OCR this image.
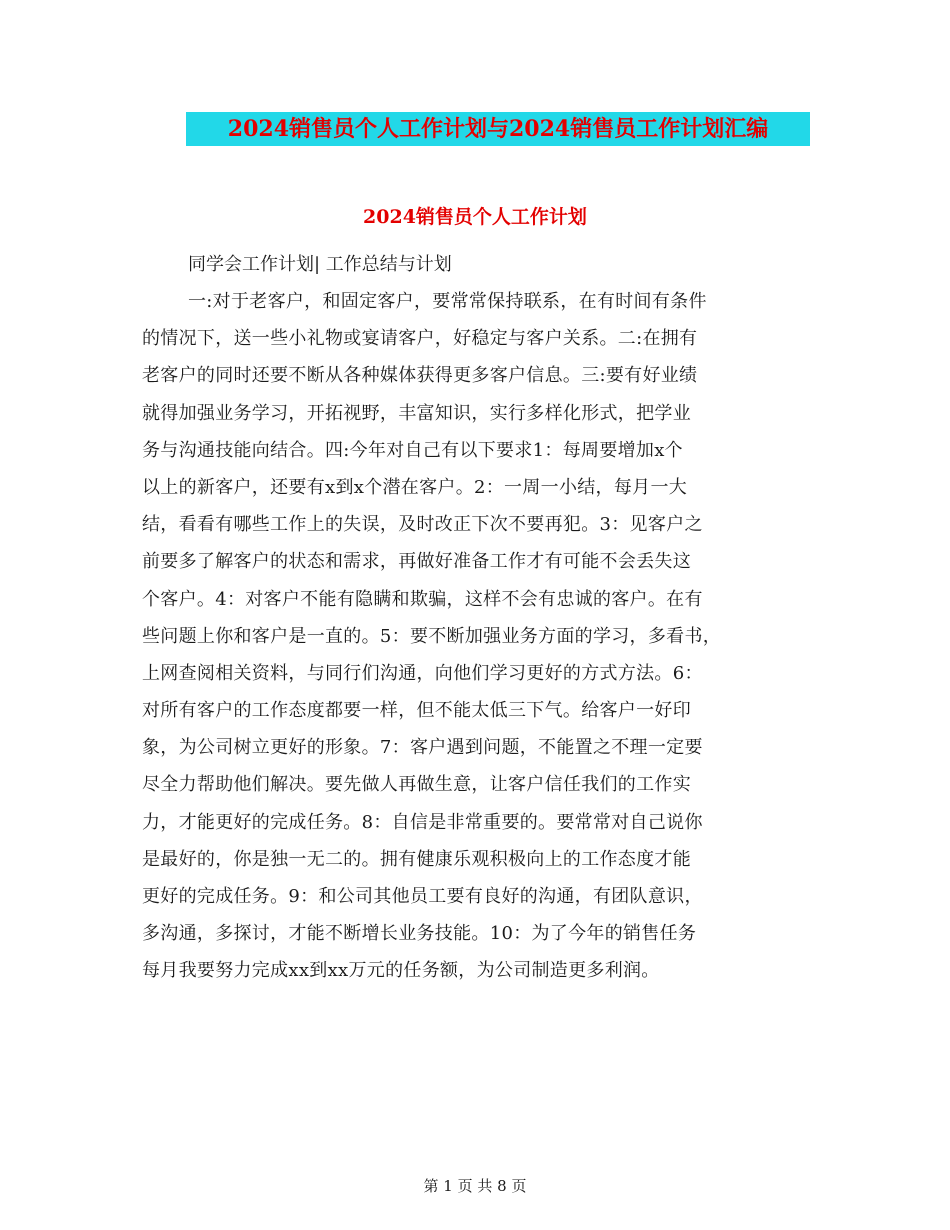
2024销售员个人工作计划与2024销售员工作计划汇编
2024销售员个人工作计划
同学会工作计划| 工作总结与计划
一:对于老客户，和固定客户，要常常保持联系，在有时间有条件
的情况下，送一些小礼物或宴请客户，好稳定与客户关系。二:在拥有
老客户的同时还要不断从各种媒体获得更多客户信息。三:要有好业绩
就得加强业务学习，开拓视野，丰富知识，实行多样化形式，把学业
务与沟通技能向结合。四:今年对自己有以下要求1：每周要增加x个
以上的新客户，还要有x到x个潜在客户。2：一周一小结，每月一大
结，看看有哪些工作上的失误，及时改正下次不要再犯。3：见客户之
前要多了解客户的状态和需求，再做好准备工作才有可能不会丢失这
个客户。4：对客户不能有隐瞒和欺骗，这样不会有忠诚的客户。在有
些问题上你和客户是一直的。5：要不断加强业务方面的学习，多看书，
上网查阅相关资料，与同行们沟通，向他们学习更好的方式方法。6：
对所有客户的工作态度都要一样，但不能太低三下气。给客户一好印
象，为公司树立更好的形象。7：客户遇到问题，不能置之不理一定要
尽全力帮助他们解决。要先做人再做生意，让客户信任我们的工作实
力，才能更好的完成任务。8：自信是非常重要的。要常常对自己说你
是最好的，你是独一无二的。拥有健康乐观积极向上的工作态度才能
更好的完成任务。9：和公司其他员工要有良好的沟通，有团队意识，
多沟通，多探讨，才能不断增长业务技能。10：为了今年的销售任务
每月我要努力完成xx到xx万元的任务额，为公司制造更多利润。
第 1 页 共 8 页
